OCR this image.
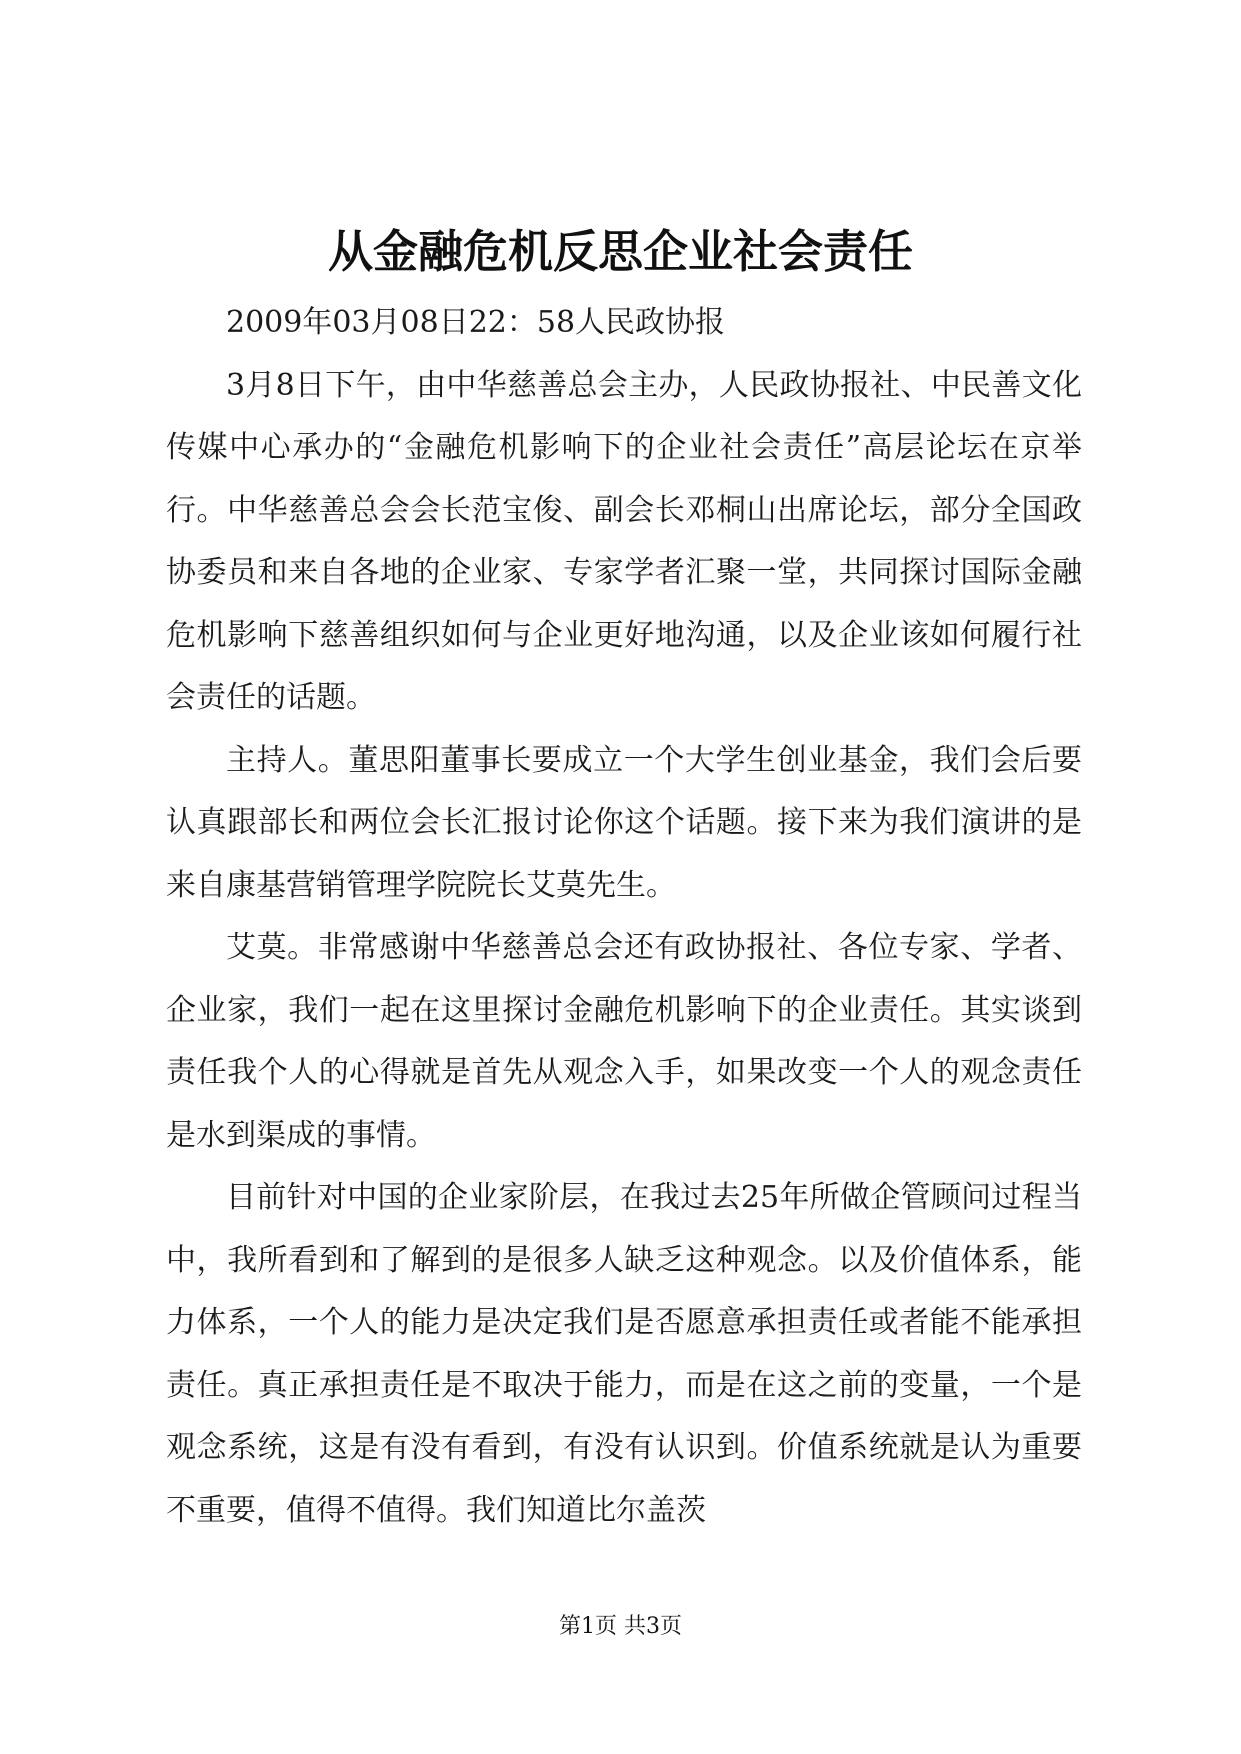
从金融危机反思企业社会责任

2009年03月08日22：58人民政协报

3月8日下午，由中华慈善总会主办，人民政协报社、中民善文化传媒中心承办的“金融危机影响下的企业社会责任”高层论坛在京举行。中华慈善总会会长范宝俊、副会长邓桐山出席论坛，部分全国政协委员和来自各地的企业家、专家学者汇聚一堂，共同探讨国际金融危机影响下慈善组织如何与企业更好地沟通，以及企业该如何履行社会责任的话题。

主持人。董思阳董事长要成立一个大学生创业基金，我们会后要认真跟部长和两位会长汇报讨论你这个话题。接下来为我们演讲的是来自康基营销管理学院院长艾莫先生。

艾莫。非常感谢中华慈善总会还有政协报社、各位专家、学者、企业家，我们一起在这里探讨金融危机影响下的企业责任。其实谈到责任我个人的心得就是首先从观念入手，如果改变一个人的观念责任是水到渠成的事情。

目前针对中国的企业家阶层，在我过去25年所做企管顾问过程当中，我所看到和了解到的是很多人缺乏这种观念。以及价值体系，能力体系，一个人的能力是决定我们是否愿意承担责任或者能不能承担责任。真正承担责任是不取决于能力，而是在这之前的变量，一个是观念系统，这是有没有看到，有没有认识到。价值系统就是认为重要不重要，值得不值得。我们知道比尔盖茨

第1页 共3页
